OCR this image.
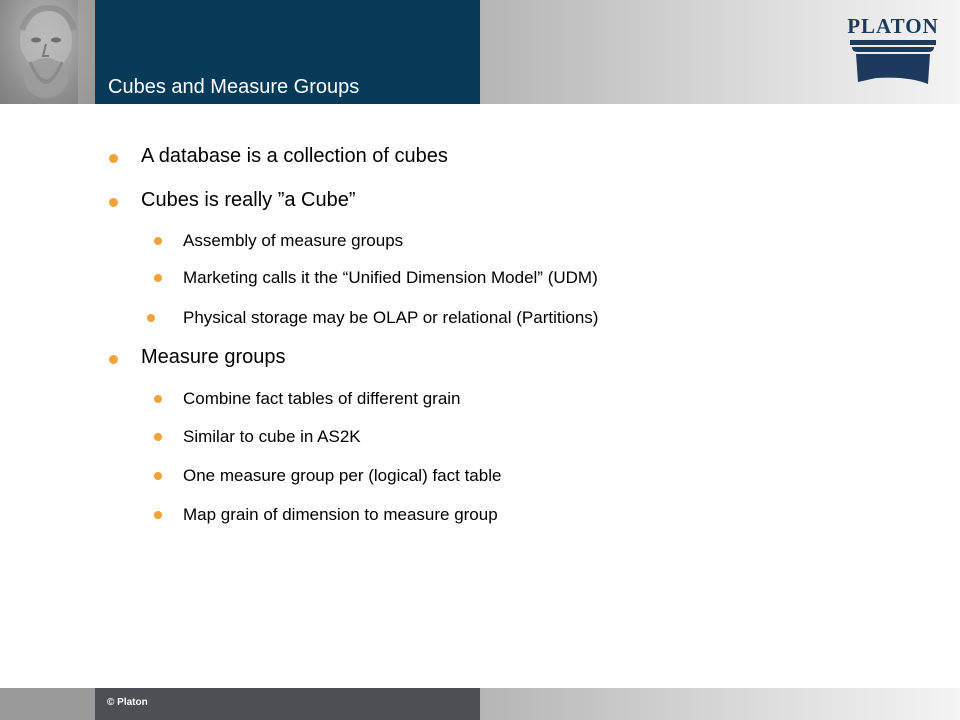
Cubes and Measure Groups
PLATON
A database is a collection of cubes
Cubes is really ”a Cube”
Assembly of measure groups
Marketing calls it the “Unified Dimension Model” (UDM)
Physical storage may be OLAP or relational (Partitions)
Measure groups
Combine fact tables of different grain
Similar to cube in AS2K
One measure group per (logical) fact table
Map grain of dimension to measure group
© Platon
